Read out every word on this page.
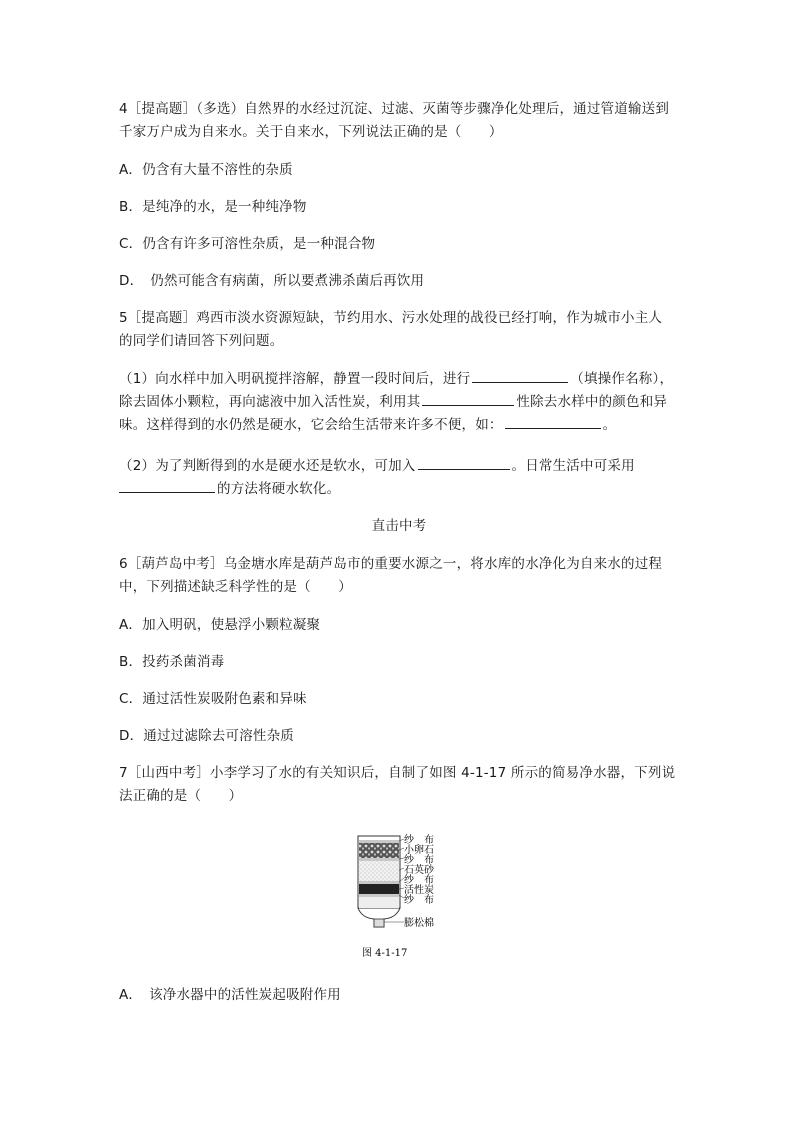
4［提高题］（多选）自然界的水经过沉淀、过滤、灭菌等步骤净化处理后，通过管道输送到

千家万户成为自来水。关于自来水，下列说法正确的是（　　）

A．仍含有大量不溶性的杂质

B．是纯净的水，是一种纯净物

C．仍含有许多可溶性杂质，是一种混合物

D．　仍然可能含有病菌，所以要煮沸杀菌后再饮用

5［提高题］鸡西市淡水资源短缺，节约用水、污水处理的战役已经打响，作为城市小主人

的同学们请回答下列问题。

（1）向水样中加入明矾搅拌溶解，静置一段时间后，进行	（填操作名称），

除去固体小颗粒，再向滤液中加入活性炭，利用其	性除去水样中的颜色和异

味。这样得到的水仍然是硬水，它会给生活带来许多不便，如：	。

（2）为了判断得到的水是硬水还是软水，可加入	。日常生活中可采用

的方法将硬水软化。

直击中考

6［葫芦岛中考］乌金塘水库是葫芦岛市的重要水源之一，将水库的水净化为自来水的过程

中，下列描述缺乏科学性的是（　　）

A．加入明矾，使悬浮小颗粒凝聚

B．投药杀菌消毒

C．通过活性炭吸附色素和异味

D．通过过滤除去可溶性杂质

7［山西中考］小李学习了水的有关知识后，自制了如图 4-1-17 所示的简易净水器，下列说

法正确的是（　　）

纱　布
小卵石
纱　布
石英砂
纱　布
活性炭
纱　布
膨松棉
图 4-1-17

A．　该净水器中的活性炭起吸附作用
